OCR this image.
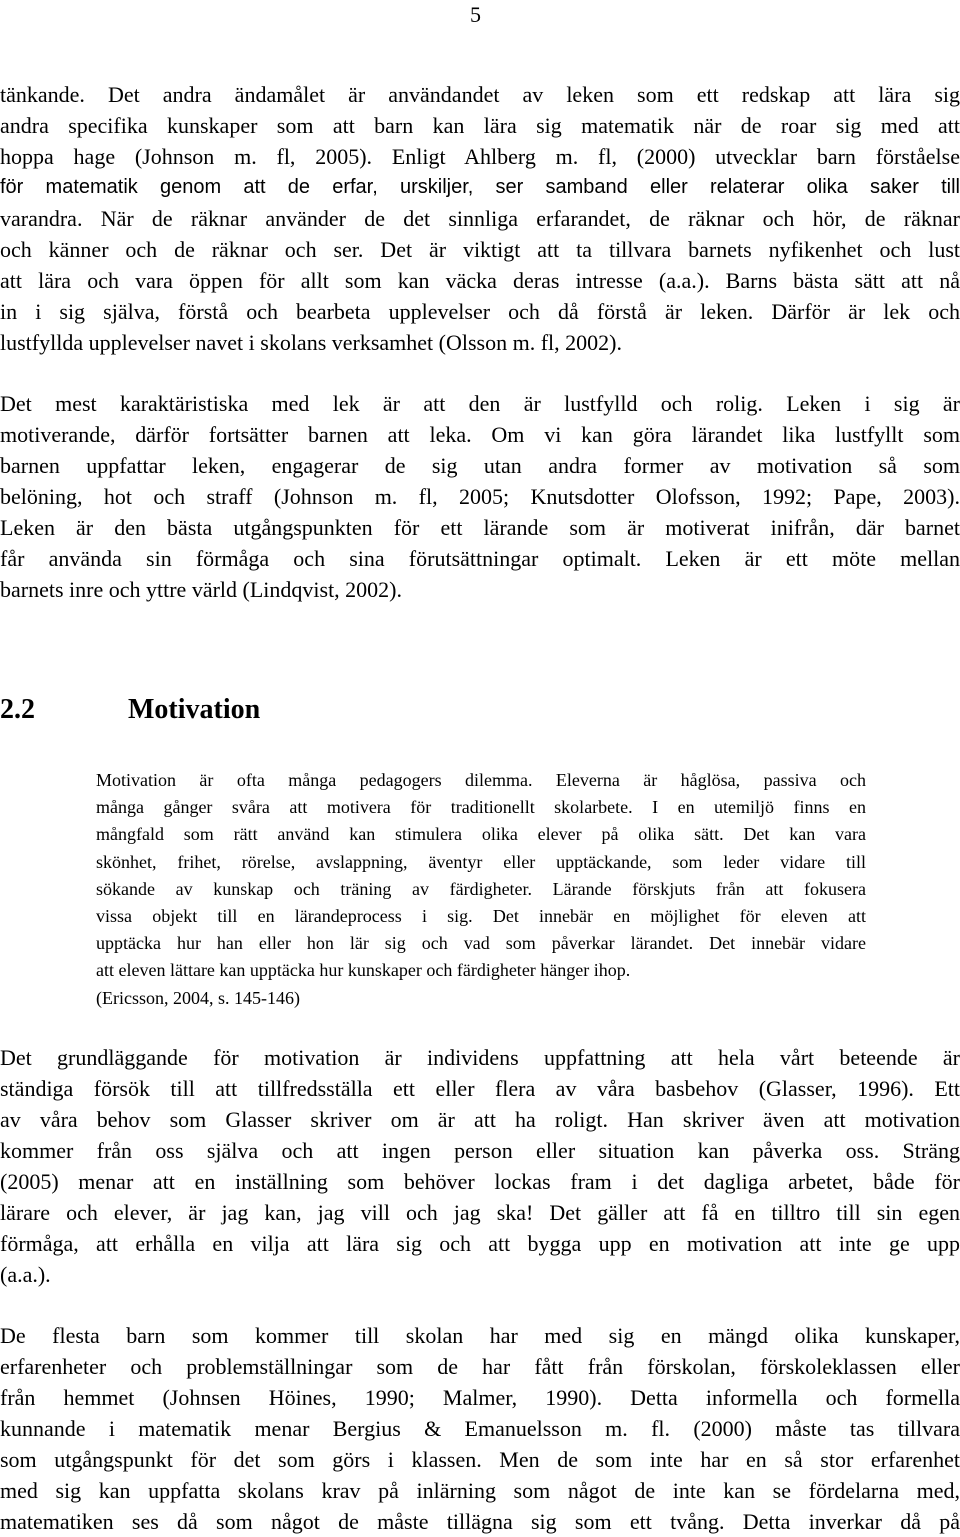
5
tänkande. Det andra ändamålet är användandet av leken som ett redskap att lära sig
andra specifika kunskaper som att barn kan lära sig matematik när de roar sig med att
hoppa hage (Johnson m. fl, 2005). Enligt Ahlberg m. fl, (2000) utvecklar barn förståelse
för matematik genom att de erfar, urskiljer, ser samband eller relaterar olika saker till
varandra. När de räknar använder de det sinnliga erfarandet, de räknar och hör, de räknar
och känner och de räknar och ser. Det är viktigt att ta tillvara barnets nyfikenhet och lust
att lära och vara öppen för allt som kan väcka deras intresse (a.a.). Barns bästa sätt att nå
in i sig själva, förstå och bearbeta upplevelser och då förstå är leken. Därför är lek och
lustfyllda upplevelser navet i skolans verksamhet (Olsson m. fl, 2002).
Det mest karaktäristiska med lek är att den är lustfylld och rolig. Leken i sig är
motiverande, därför fortsätter barnen att leka. Om vi kan göra lärandet lika lustfyllt som
barnen uppfattar leken, engagerar de sig utan andra former av motivation så som
belöning, hot och straff (Johnson m. fl, 2005; Knutsdotter Olofsson, 1992; Pape, 2003).
Leken är den bästa utgångspunkten för ett lärande som är motiverat inifrån, där barnet
får använda sin förmåga och sina förutsättningar optimalt. Leken är ett möte mellan
barnets inre och yttre värld (Lindqvist, 2002).
2.2	Motivation
Motivation är ofta många pedagogers dilemma. Eleverna är håglösa, passiva och
många gånger svåra att motivera för traditionellt skolarbete. I en utemiljö finns en
mångfald som rätt använd kan stimulera olika elever på olika sätt. Det kan vara
skönhet, frihet, rörelse, avslappning, äventyr eller upptäckande, som leder vidare till
sökande av kunskap och träning av färdigheter. Lärande förskjuts från att fokusera
vissa objekt till en lärandeprocess i sig. Det innebär en möjlighet för eleven att
upptäcka hur han eller hon lär sig och vad som påverkar lärandet. Det innebär vidare
att eleven lättare kan upptäcka hur kunskaper och färdigheter hänger ihop.
(Ericsson, 2004, s. 145-146)
Det grundläggande för motivation är individens uppfattning att hela vårt beteende är
ständiga försök till att tillfredsställa ett eller flera av våra basbehov (Glasser, 1996). Ett
av våra behov som Glasser skriver om är att ha roligt. Han skriver även att motivation
kommer från oss själva och att ingen person eller situation kan påverka oss. Sträng
(2005) menar att en inställning som behöver lockas fram i det dagliga arbetet, både för
lärare och elever, är jag kan, jag vill och jag ska! Det gäller att få en tilltro till sin egen
förmåga, att erhålla en vilja att lära sig och att bygga upp en motivation att inte ge upp
(a.a.).
De flesta barn som kommer till skolan har med sig en mängd olika kunskaper,
erfarenheter och problemställningar som de har fått från förskolan, förskoleklassen eller
från hemmet (Johnsen Höines, 1990; Malmer, 1990). Detta informella och formella
kunnande i matematik menar Bergius & Emanuelsson m. fl. (2000) måste tas tillvara
som utgångspunkt för det som görs i klassen. Men de som inte har en så stor erfarenhet
med sig kan uppfatta skolans krav på inlärning som något de inte kan se fördelarna med,
matematiken ses då som något de måste tillägna sig som ett tvång. Detta inverkar då på
